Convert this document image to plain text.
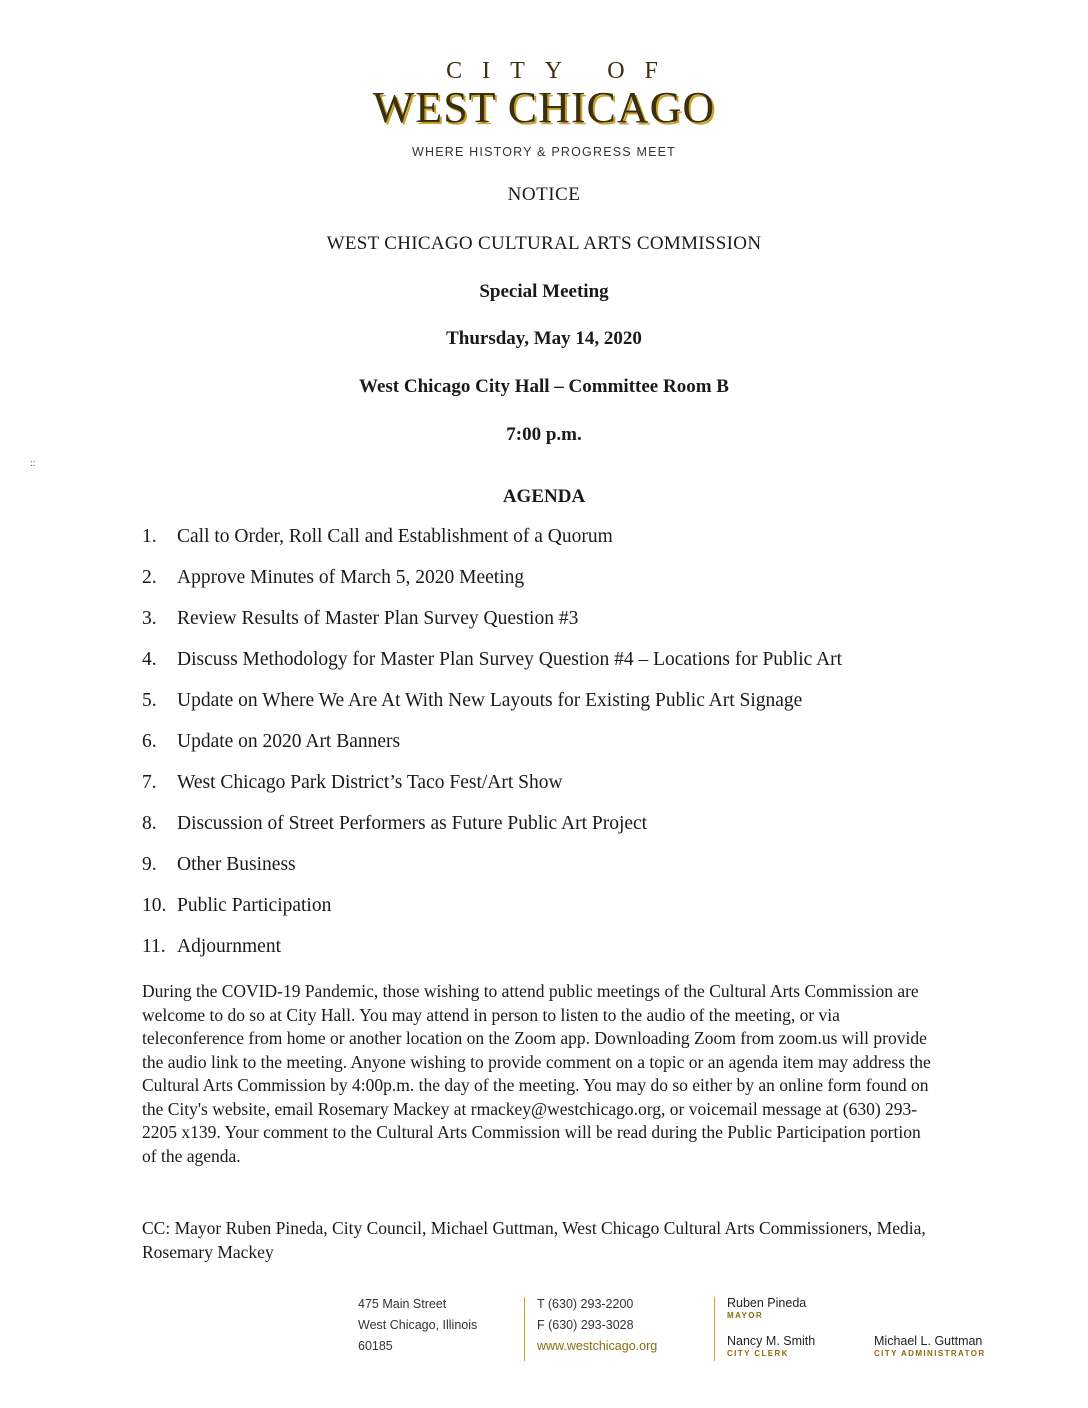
CITY OF
WEST CHICAGO
WHERE HISTORY & PROGRESS MEET
NOTICE
WEST CHICAGO CULTURAL ARTS COMMISSION
Special Meeting
Thursday, May 14, 2020
West Chicago City Hall – Committee Room B
7:00 p.m.
::
AGENDA
1. Call to Order, Roll Call and Establishment of a Quorum
2. Approve Minutes of March 5, 2020 Meeting
3. Review Results of Master Plan Survey Question #3
4. Discuss Methodology for Master Plan Survey Question #4 – Locations for Public Art
5. Update on Where We Are At With New Layouts for Existing Public Art Signage
6. Update on 2020 Art Banners
7. West Chicago Park District’s Taco Fest/Art Show
8. Discussion of Street Performers as Future Public Art Project
9. Other Business
10. Public Participation
11. Adjournment
During the COVID-19 Pandemic, those wishing to attend public meetings of the Cultural Arts Commission are welcome to do so at City Hall. You may attend in person to listen to the audio of the meeting, or via teleconference from home or another location on the Zoom app. Downloading Zoom from zoom.us will provide the audio link to the meeting. Anyone wishing to provide comment on a topic or an agenda item may address the Cultural Arts Commission by 4:00p.m. the day of the meeting. You may do so either by an online form found on the City's website, email Rosemary Mackey at rmackey@westchicago.org, or voicemail message at (630) 293-2205 x139. Your comment to the Cultural Arts Commission will be read during the Public Participation portion of the agenda.
CC: Mayor Ruben Pineda, City Council, Michael Guttman, West Chicago Cultural Arts Commissioners, Media, Rosemary Mackey
475 Main Street
West Chicago, Illinois
60185
T (630) 293-2200
F (630) 293-3028
www.westchicago.org
Ruben Pineda
MAYOR
Nancy M. Smith
CITY CLERK
Michael L. Guttman
CITY ADMINISTRATOR
